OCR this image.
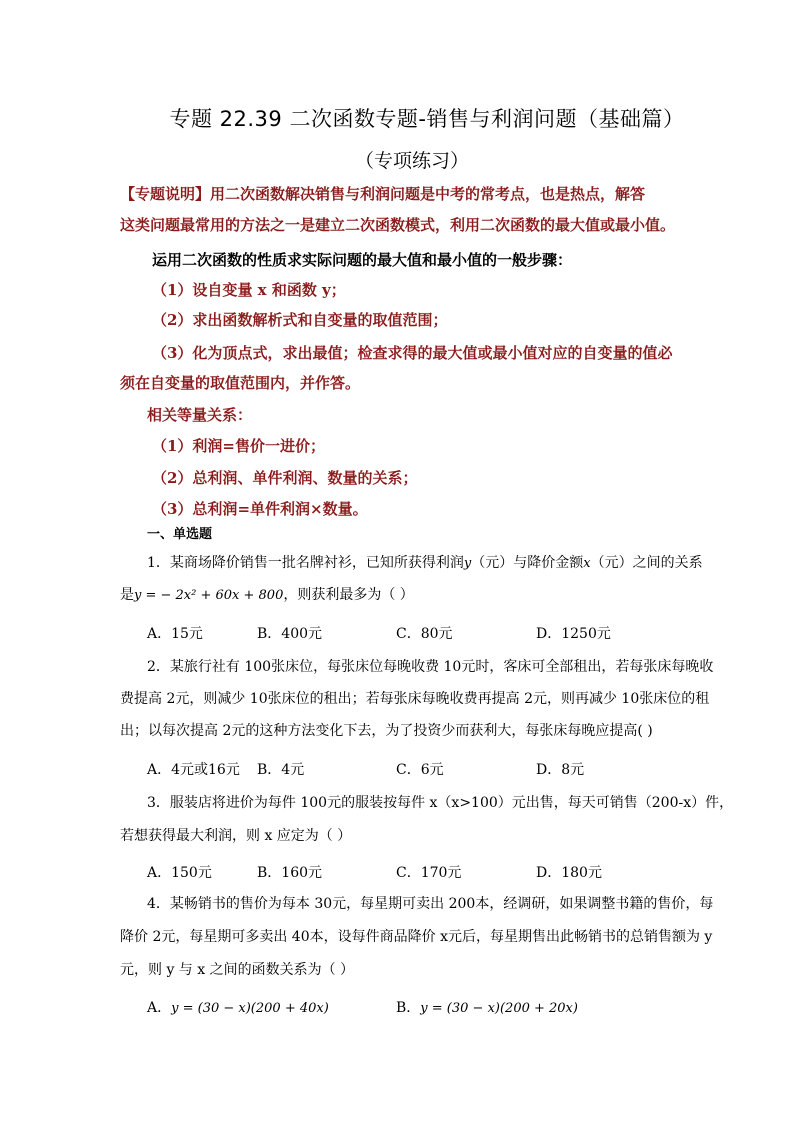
专题 22.39 二次函数专题-销售与利润问题（基础篇）
（专项练习）
【专题说明】用二次函数解决销售与利润问题是中考的常考点，也是热点，解答
这类问题最常用的方法之一是建立二次函数模式，利用二次函数的最大值或最小值。
运用二次函数的性质求实际问题的最大值和最小值的一般步骤：
（1）设自变量 x 和函数 y；
（2）求出函数解析式和自变量的取值范围；
（3）化为顶点式，求出最值；检查求得的最大值或最小值对应的自变量的值必
须在自变量的取值范围内，并作答。
相关等量关系：
（1）利润=售价一进价；
（2）总利润、单件利润、数量的关系；
（3）总利润=单件利润×数量。
一、单选题
1．某商场降价销售一批名牌衬衫，已知所获得利润y（元）与降价金额x（元）之间的关系
是y = − 2x² + 60x + 800，则获利最多为（ ）
A．15元	B．400元	C．80元	D．1250元
2．某旅行社有 100张床位，每张床位每晚收费 10元时，客床可全部租出，若每张床每晚收
费提高 2元，则减少 10张床位的租出；若每张床每晚收费再提高 2元，则再减少 10张床位的租
出；以每次提高 2元的这种方法变化下去，为了投资少而获利大，每张床每晚应提高( )
A．4元或16元 B．4元	C．6元	D．8元
3．服装店将进价为每件 100元的服装按每件 x（x>100）元出售，每天可销售（200-x）件，
若想获得最大利润，则 x 应定为（ ）
A．150元	B．160元	C．170元	D．180元
4．某畅销书的售价为每本 30元，每星期可卖出 200本，经调研，如果调整书籍的售价，每
降价 2元，每星期可多卖出 40本，设每件商品降价 x元后，每星期售出此畅销书的总销售额为 y
元，则 y 与 x 之间的函数关系为（ ）
A．y = (30 − x)(200 + 40x)	B．y = (30 − x)(200 + 20x)
